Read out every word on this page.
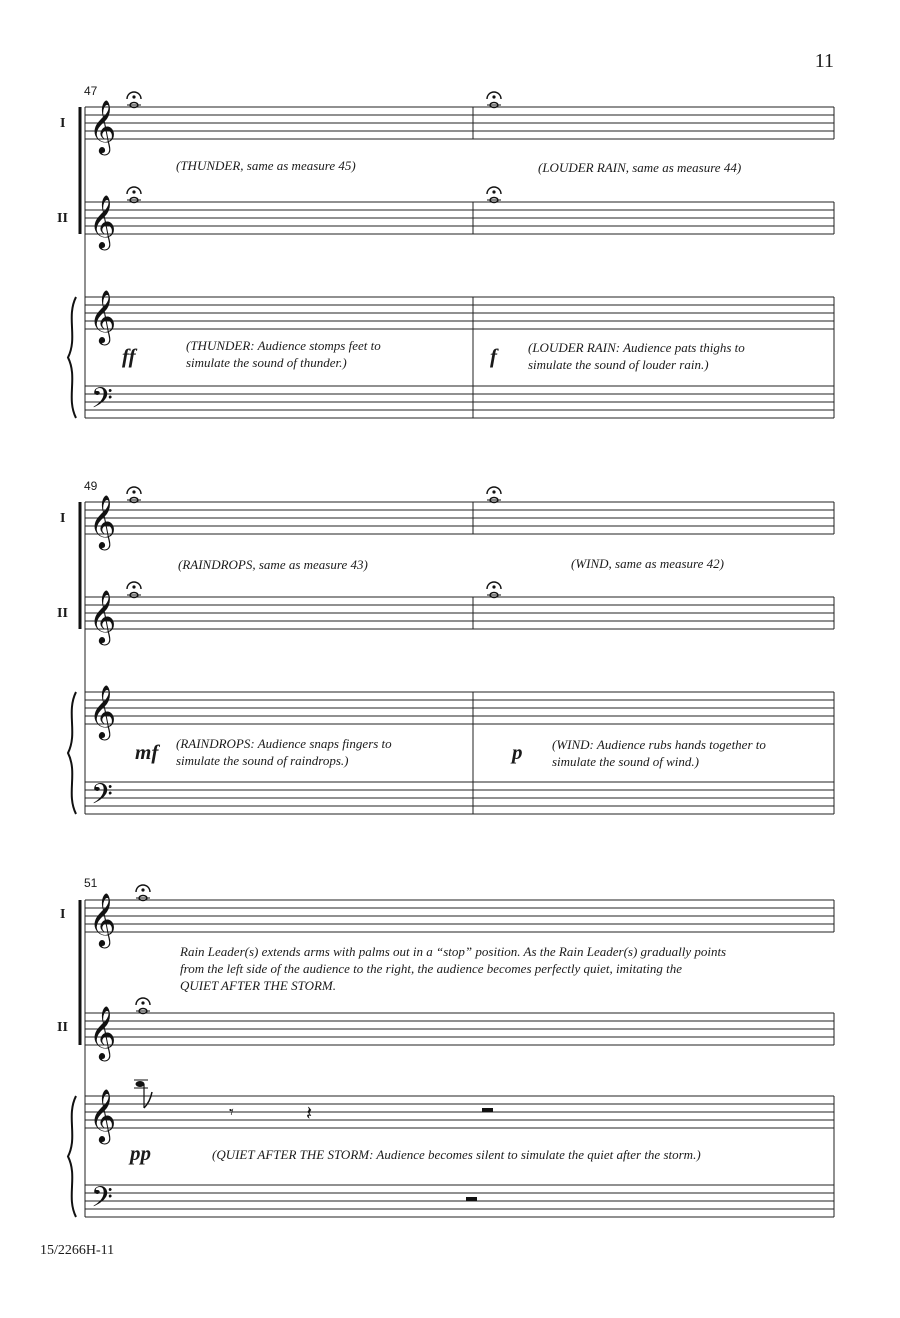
𝄞
𝄞
𝄞
𝄢
𝄞
𝄞
𝄞
𝄢
𝄞
𝄞
𝄞
𝄢
𝄾	𝄽
11
47
I
II
(THUNDER, same as measure 45)	(LOUDER RAIN, same as measure 44)
ff	f
(THUNDER: Audience stomps feet to
simulate the sound of thunder.)
(LOUDER RAIN: Audience pats thighs to
simulate the sound of louder rain.)
49
I
II
(RAINDROPS, same as measure 43)	(WIND, same as measure 42)
mf	p
(RAINDROPS: Audience snaps fingers to
simulate the sound of raindrops.)
(WIND: Audience rubs hands together to
simulate the sound of wind.)
51
I
II
Rain Leader(s) extends arms with palms out in a “stop” position. As the Rain Leader(s) gradually points
from the left side of the audience to the right, the audience becomes perfectly quiet, imitating the
QUIET AFTER THE STORM.
pp	(QUIET AFTER THE STORM: Audience becomes silent to simulate the quiet after the storm.)
15/2266H-11
